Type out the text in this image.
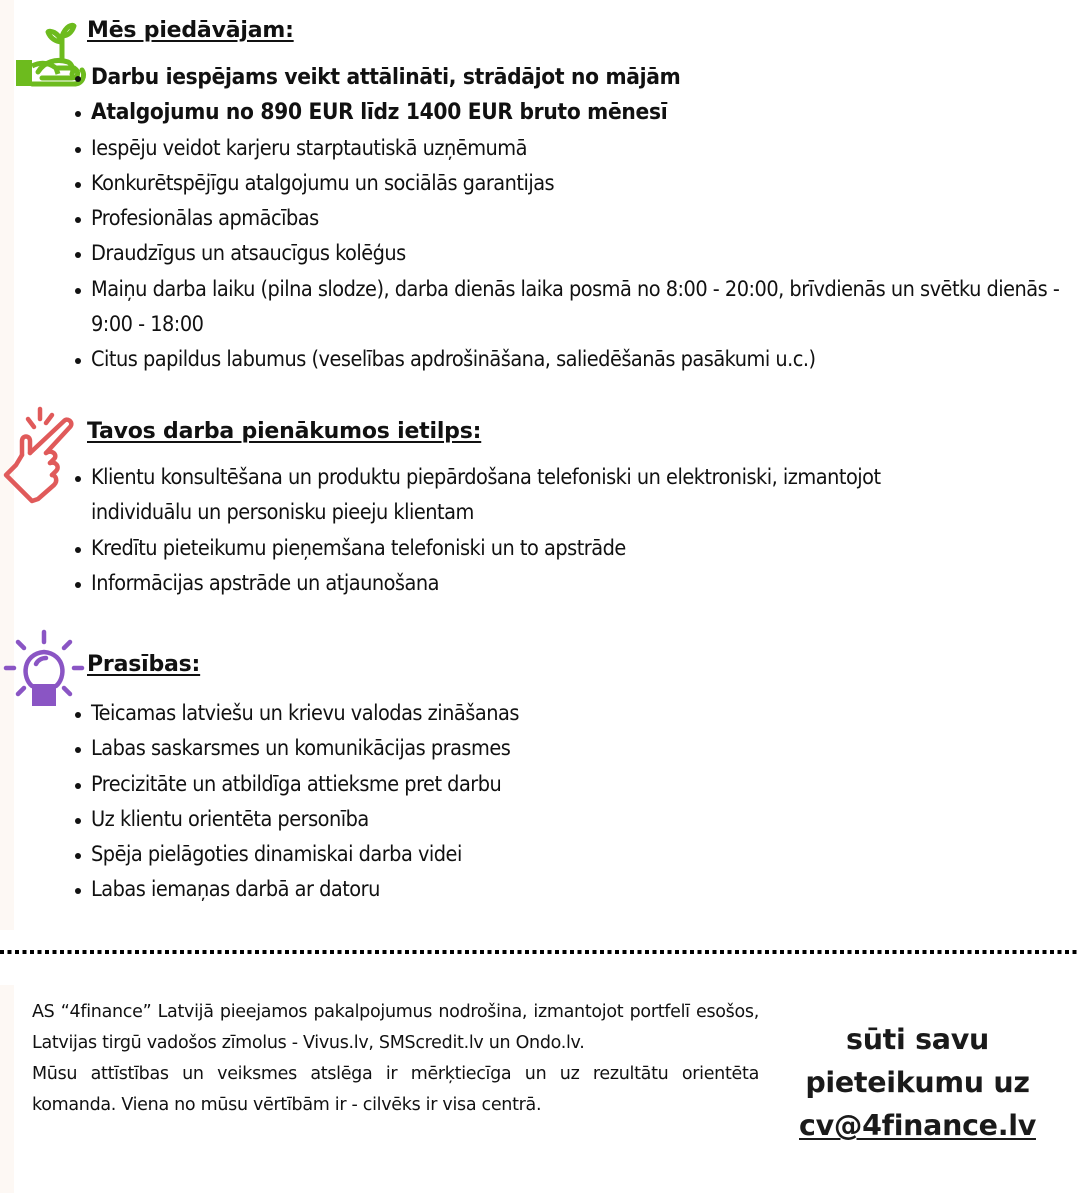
Mēs piedāvājam:
Darbu iespējams veikt attālināti, strādājot no mājām
Atalgojumu no 890 EUR līdz 1400 EUR bruto mēnesī
Iespēju veidot karjeru starptautiskā uzņēmumā
Konkurētspējīgu atalgojumu un sociālās garantijas
Profesionālas apmācības
Draudzīgus un atsaucīgus kolēģus
Maiņu darba laiku (pilna slodze), darba dienās laika posmā no 8:00 - 20:00, brīvdienās un svētku dienās - 9:00 - 18:00
Citus papildus labumus (veselības apdrošināšana, saliedēšanās pasākumi u.c.)
Tavos darba pienākumos ietilps:
Klientu konsultēšana un produktu piepārdošana telefoniski un elektroniski, izmantojot individuālu un personisku pieeju klientam
Kredītu pieteikumu pieņemšana telefoniski un to apstrāde
Informācijas apstrāde un atjaunošana
Prasības:
Teicamas latviešu un krievu valodas zināšanas
Labas saskarsmes un komunikācijas prasmes
Precizitāte un atbildīga attieksme pret darbu
Uz klientu orientēta personība
Spēja pielāgoties dinamiskai darba videi
Labas iemaņas darbā ar datoru

AS “4finance” Latvijā pieejamos pakalpojumus nodrošina, izmantojot portfelī esošos, Latvijas tirgū vadošos zīmolus - Vivus.lv, SMScredit.lv un Ondo.lv.

Mūsu attīstības un veiksmes atslēga ir mērķtiecīga un uz rezultātu orientēta komanda. Viena no mūsu vērtībām ir - cilvēks ir visa centrā.

sūti savu
pieteikumu uz
cv@4finance.lv
